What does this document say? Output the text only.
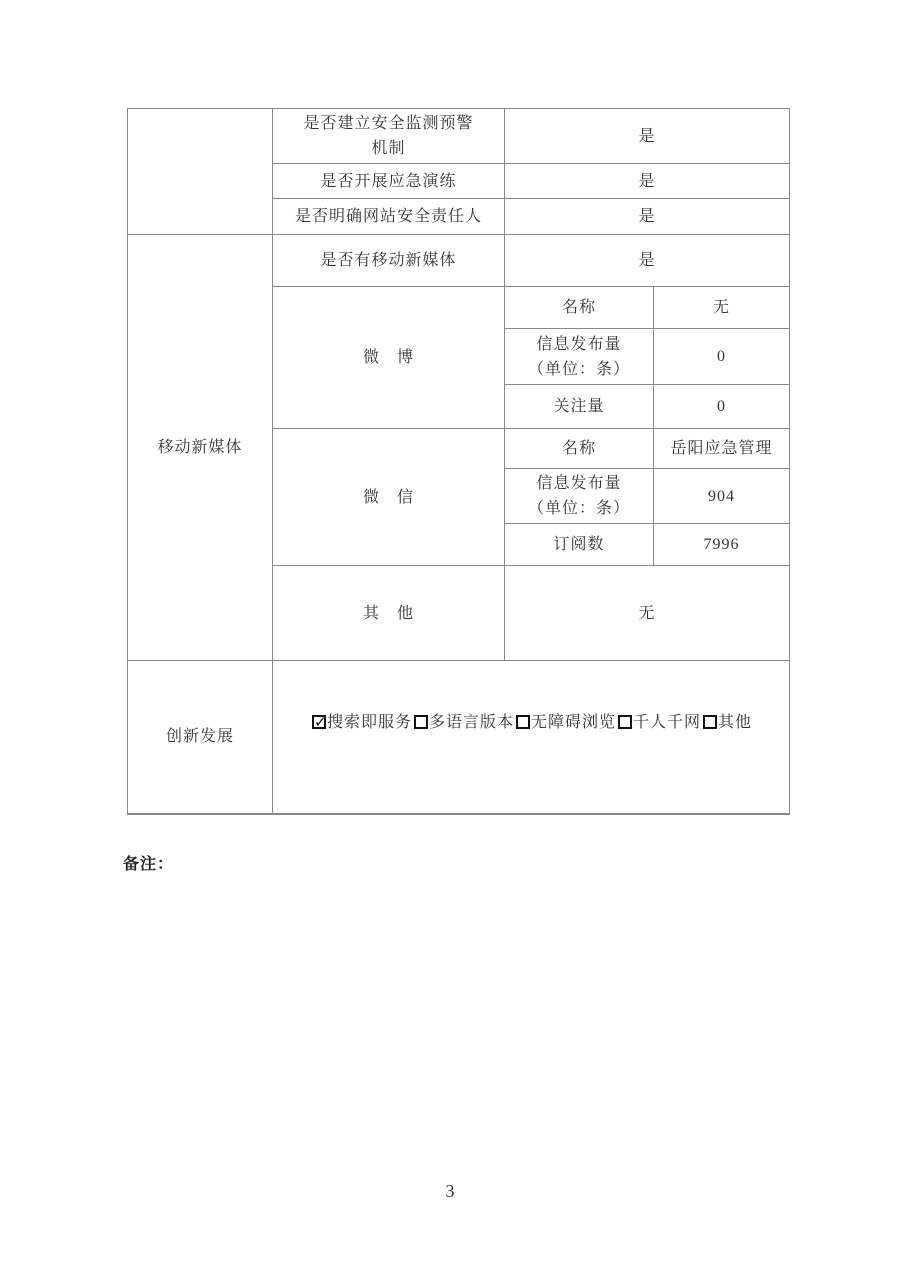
	是否建立安全监测预警
机制	是	
	是否开展应急演练	是	
	是否明确网站安全责任人	是	
移动新媒体	是否有移动新媒体	是	
	微　博	名称	无

		信息发布量
（单位：条）	0
		关注量	0
	微　信	名称	岳阳应急管理

		信息发布量
（单位：条）	904
		订阅数	7996
	其　他	无	
创新发展	
✓搜索即服务 多语言版本 无障碍浏览 千人千网 其他
备注：
3
